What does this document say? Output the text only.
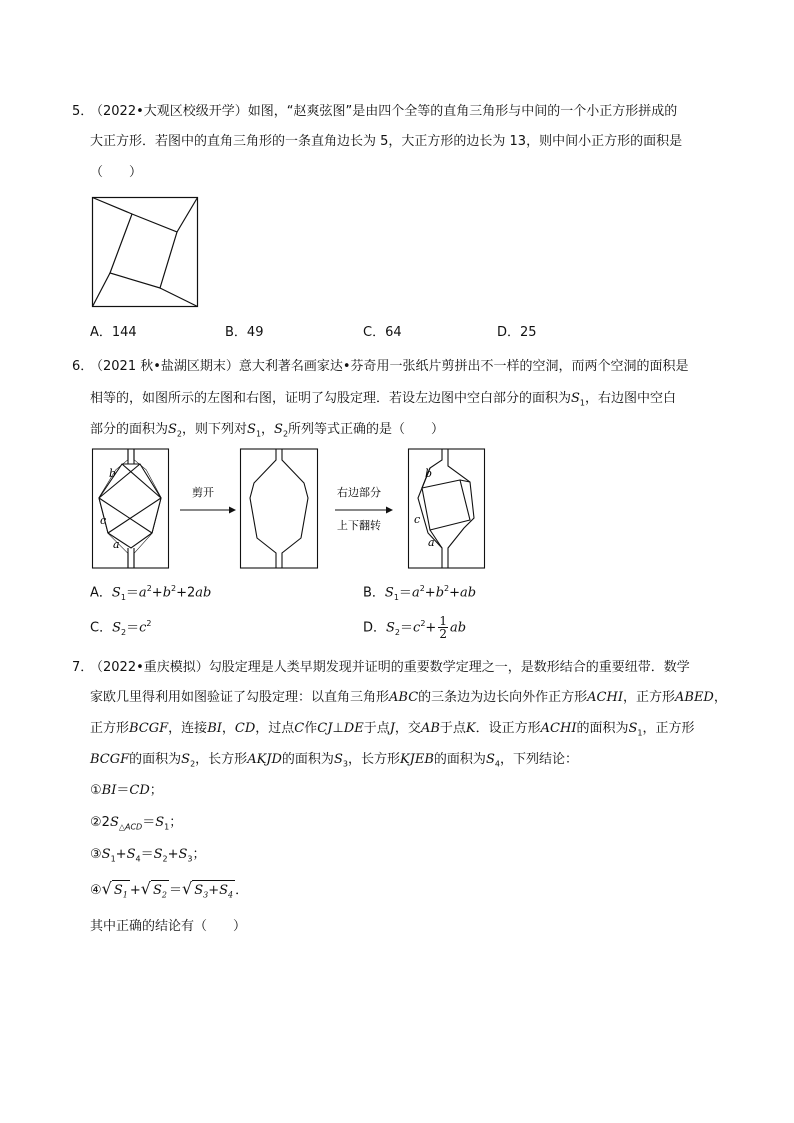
5．
（2022•大观区校级开学）如图，“赵爽弦图”是由四个全等的直角三角形与中间的一个小正方形拼成的
大正方形．若图中的直角三角形的一条直角边长为 5，大正方形的边长为 13，则中间小正方形的面积是
（　　）
A．144	B．49	C．64	D．25
6．
（2021 秋•盐湖区期末）意大利著名画家达•芬奇用一张纸片剪拼出不一样的空洞，而两个空洞的面积是
相等的，如图所示的左图和右图，证明了勾股定理．若设左边图中空白部分的面积为$S_1$，右边图中空白
部分的面积为$S_2$，则下列对$S_1$，$S_2$所列等式正确的是（　　）
b
c
a
剪开	右边部分
上下翻转
b
c
a
A．$S_1=a^2+b^2+2ab$	B．$S_1=a^2+b^2+ab$
C．$S_2=c^2$	D．$S_2=c^2+ \frac{1}{2}$ ab
7．
（2022•重庆模拟）勾股定理是人类早期发现并证明的重要数学定理之一，是数形结合的重要纽带．数学
家欧几里得利用如图验证了勾股定理：以直角三角形ABC的三条边为边长向外作正方形ACHI，正方形ABED，
正方形BCGF，连接BI，CD，过点C作CJ⊥DE于点J，交AB于点K．设正方形ACHI的面积为$S_1$，正方形
BCGF的面积为$S_2$，长方形AKJD的面积为$S_3$，长方形KJEB的面积为$S_4$，下列结论：
①BI＝CD；
$②2S_{\triangle ACD}=S_1$；
$③S_1+S_4=S_2+S_3$；
④√ $S_1$ +√ $S_2$ ＝√ $S_3+S_4$ ．
其中正确的结论有（　　）
